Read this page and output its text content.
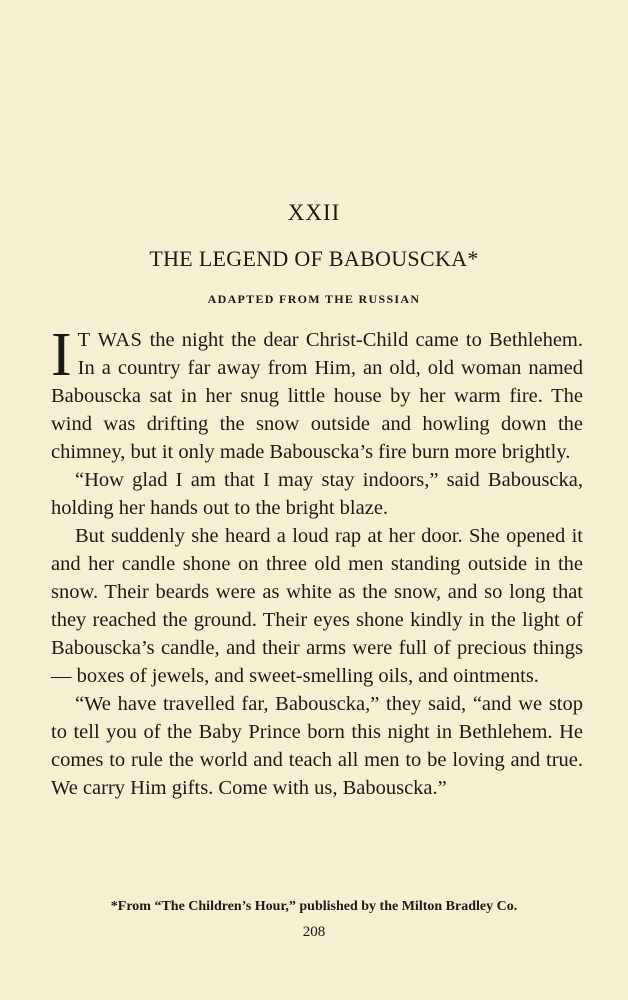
XXII
THE LEGEND OF BABOUSCKA*
ADAPTED FROM THE RUSSIAN

I T WAS the night the dear Christ-Child came to Bethlehem. In a country far away from Him, an old, old woman named Babouscka sat in her snug little house by her warm fire. The wind was drifting the snow outside and howling down the chimney, but it only made Babouscka’s fire burn more brightly.

“How glad I am that I may stay indoors,” said Babouscka, holding her hands out to the bright blaze.

But suddenly she heard a loud rap at her door. She opened it and her candle shone on three old men standing outside in the snow. Their beards were as white as the snow, and so long that they reached the ground. Their eyes shone kindly in the light of Babouscka’s candle, and their arms were full of precious things — boxes of jewels, and sweet-smelling oils, and ointments.

“We have travelled far, Babouscka,” they said, “and we stop to tell you of the Baby Prince born this night in Bethlehem. He comes to rule the world and teach all men to be loving and true. We carry Him gifts. Come with us, Babouscka.”

*From “The Children’s Hour,” published by the Milton Bradley Co.
208
